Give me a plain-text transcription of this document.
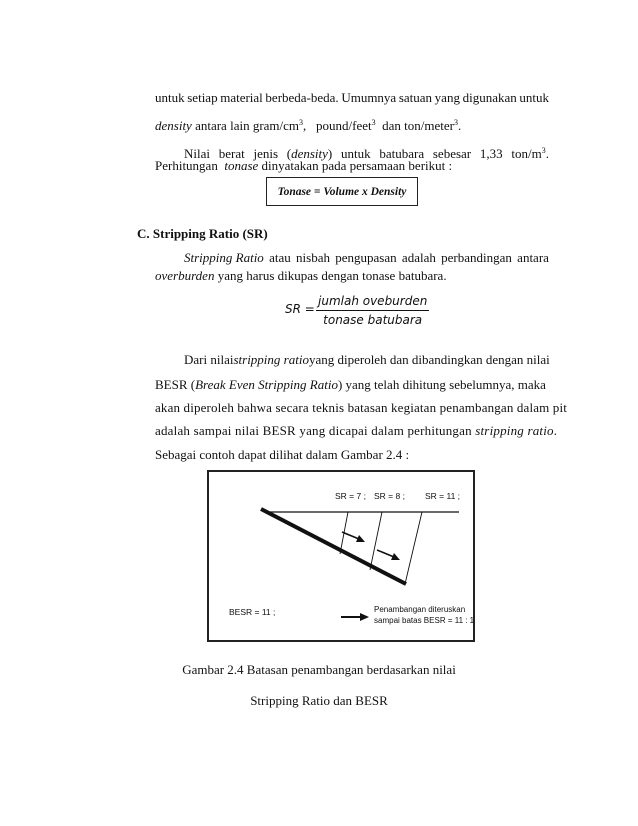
untuk setiap material berbeda-beda. Umumnya satuan yang digunakan untuk
density antara lain gram/$cm^3$,   pound/feet$^3$  dan ton/meter$^3$.
Nilai berat jenis (density) untuk batubara sebesar 1,33 ton/$m^3$.
Perhitungan tonase dinyatakan pada persamaan berikut :
Tonase = Volume x Density
C. Stripping Ratio (SR)
Stripping Ratio atau nisbah pengupasan adalah perbandingan antara
overburden yang harus dikupas dengan tonase batubara.
SR =
jumlah oveburden
tonase batubara
Dari nilai stripping ratio yang diperoleh dan dibandingkan dengan nilai
BESR (Break Even Stripping Ratio) yang telah dihitung sebelumnya, maka
akan diperoleh bahwa secara teknis batasan kegiatan penambangan dalam pit
adalah sampai nilai BESR yang dicapai dalam perhitungan stripping ratio.
Sebagai contoh dapat dilihat dalam Gambar 2.4 :
SR = 7 ; SR = 8 ; SR = 11 ;
BESR = 11 ;	Penambangan diteruskan
sampai batas BESR = 11 : 1
Gambar 2.4 Batasan penambangan berdasarkan nilai
Stripping Ratio dan BESR
